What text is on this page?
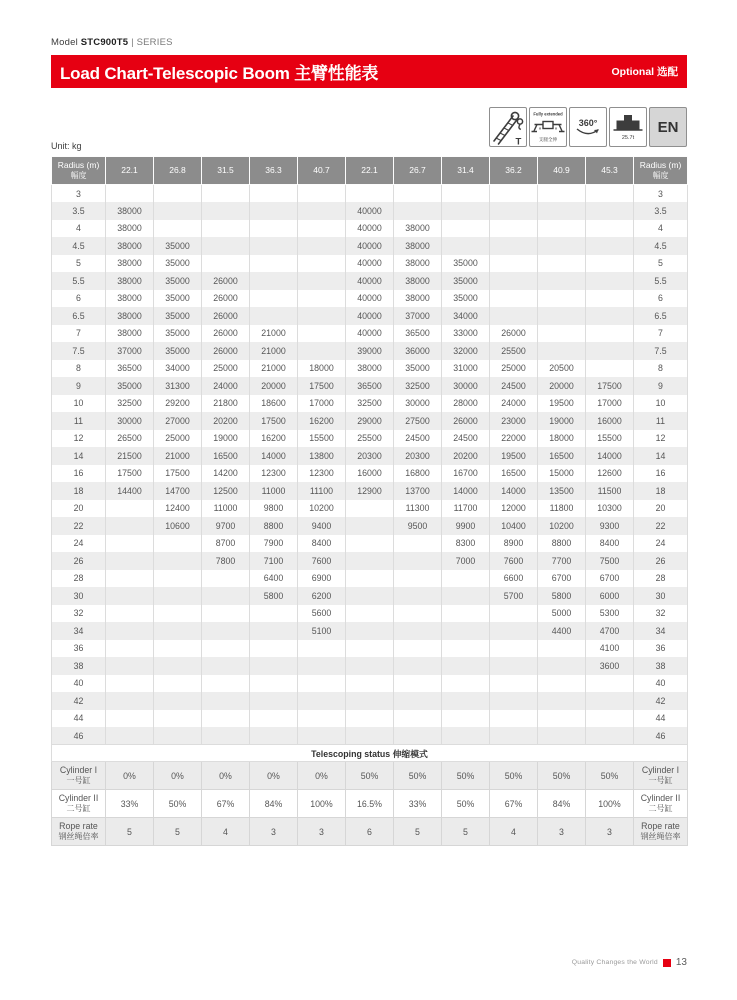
Model STC900T5 | SERIES
Load Chart-Telescopic Boom 主臂性能表	Optional 选配
T
Fully extended
支腿全伸
360°
25.7t
EN
Unit: kg
Radius (m)
幅度	22.1	26.8	31.5	36.3	40.7	22.1	26.7	31.4	36.2	40.9	45.3	Radius (m)
幅度

3												3
3.5	38000					40000						3.5
4	38000					40000	38000					4
4.5	38000	35000				40000	38000					4.5
5	38000	35000				40000	38000	35000				5
5.5	38000	35000	26000			40000	38000	35000				5.5
6	38000	35000	26000			40000	38000	35000				6
6.5	38000	35000	26000			40000	37000	34000				6.5
7	38000	35000	26000	21000		40000	36500	33000	26000			7
7.5	37000	35000	26000	21000		39000	36000	32000	25500			7.5
8	36500	34000	25000	21000	18000	38000	35000	31000	25000	20500		8
9	35000	31300	24000	20000	17500	36500	32500	30000	24500	20000	17500	9
10	32500	29200	21800	18600	17000	32500	30000	28000	24000	19500	17000	10
11	30000	27000	20200	17500	16200	29000	27500	26000	23000	19000	16000	11
12	26500	25000	19000	16200	15500	25500	24500	24500	22000	18000	15500	12
14	21500	21000	16500	14000	13800	20300	20300	20200	19500	16500	14000	14
16	17500	17500	14200	12300	12300	16000	16800	16700	16500	15000	12600	16
18	14400	14700	12500	11000	11100	12900	13700	14000	14000	13500	11500	18
20		12400	11000	9800	10200		11300	11700	12000	11800	10300	20
22		10600	9700	8800	9400		9500	9900	10400	10200	9300	22
24			8700	7900	8400			8300	8900	8800	8400	24
26			7800	7100	7600			7000	7600	7700	7500	26
28				6400	6900				6600	6700	6700	28
30				5800	6200				5700	5800	6000	30
32					5600					5000	5300	32
34					5100					4400	4700	34
36											4100	36
38											3600	38
40												40
42												42
44												44
46												46
Telescoping status 伸缩模式												
Cylinder I
一号缸	0%	0%	0%	0%	0%	50%	50%	50%	50%	50%	50%	Cylinder I
一号缸

Cylinder II
二号缸	33%	50%	67%	84%	100%	16.5%	33%	50%	67%	84%	100%	Cylinder II
二号缸

Rope rate
钢丝绳倍率	5	5	4	3	3	6	5	5	4	3	3	Rope rate
钢丝绳倍率
Quality Changes the World 13
